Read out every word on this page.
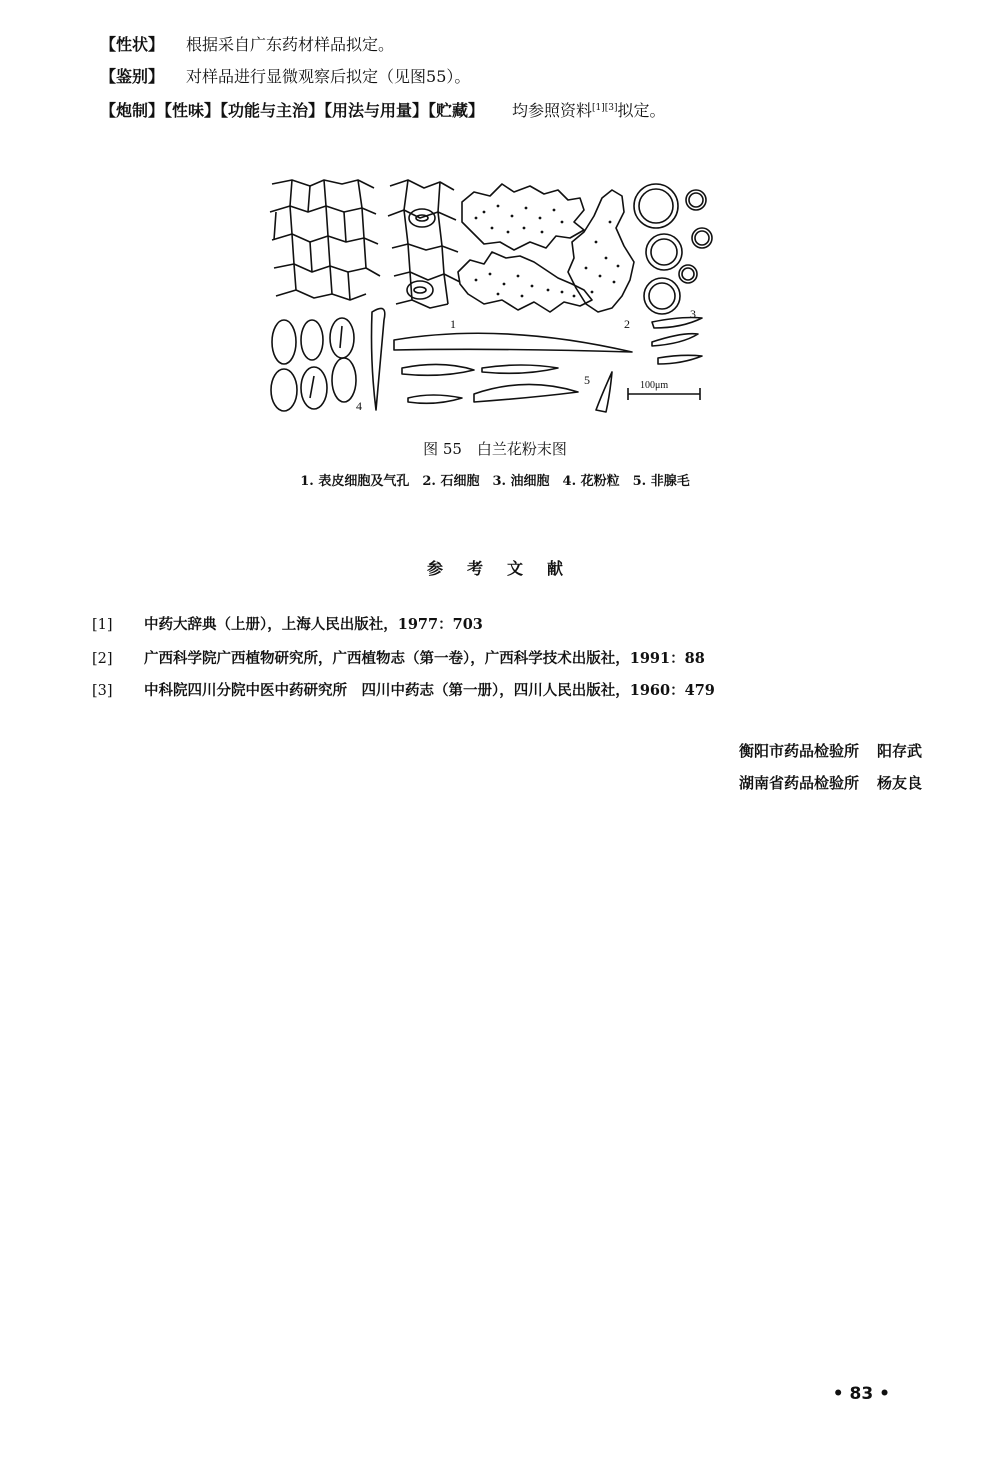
【性状】 根据采自广东药材样品拟定。
【鉴别】 对样品进行显微观察后拟定（见图55）。
【炮制】【性味】【功能与主治】【用法与用量】【贮藏】 均参照资料[1][3]拟定。
1	2
3
4
5	100μm
图 55　白兰花粉末图
1. 表皮细胞及气孔　2. 石细胞　3. 油细胞　4. 花粉粒　5. 非腺毛
参考文献
[1] 中药大辞典（上册），上海人民出版社，1977：703
[2] 广西科学院广西植物研究所，广西植物志（第一卷），广西科学技术出版社，1991：88
[3] 中科院四川分院中医中药研究所　四川中药志（第一册），四川人民出版社，1960：479
衡阳市药品检验所 阳存武
湖南省药品检验所 杨友良
• 83 •
